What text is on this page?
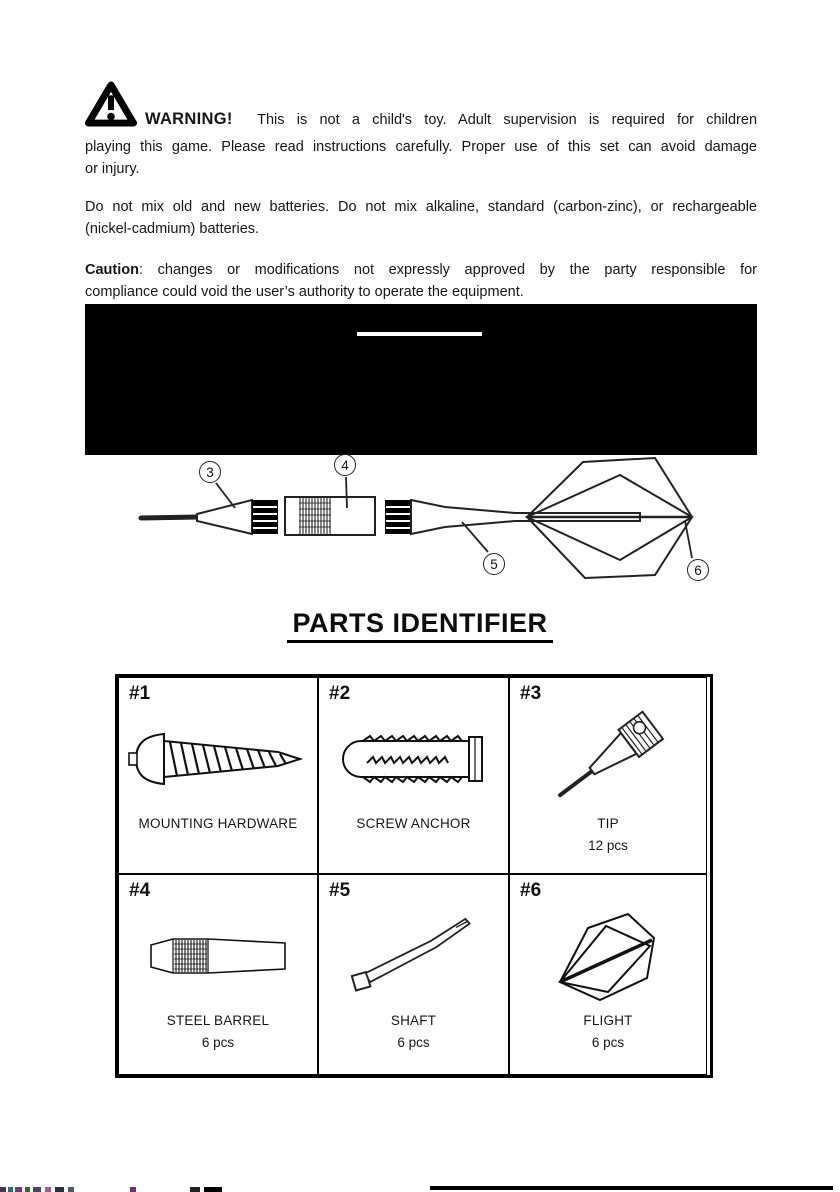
WARNING! This is not a child's toy. Adult supervision is required for children
playing this game. Please read instructions carefully. Proper use of this set can avoid damage
or injury.
Do not mix old and new batteries. Do not mix alkaline, standard (carbon-zinc), or rechargeable
(nickel-cadmium) batteries.
Caution: changes or modifications not expressly approved by the party responsible for
compliance could void the user’s authority to operate the equipment.
3	4
5	6
PARTS IDENTIFIER
#1
MOUNTING HARDWARE
#2
SCREW ANCHOR
#3
TIP
12 pcs
#4
STEEL BARREL
6 pcs
#5
SHAFT
6 pcs
#6
FLIGHT
6 pcs
